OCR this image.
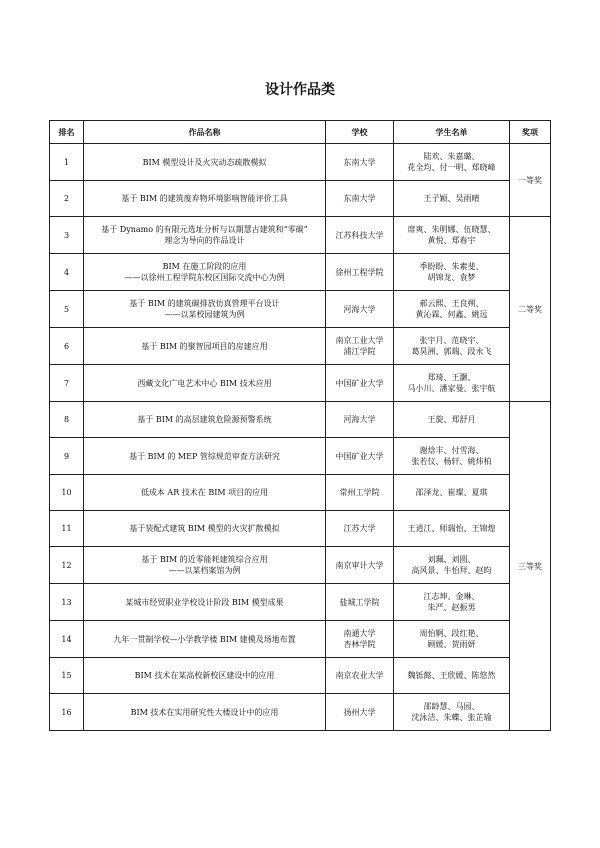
设计作品类
排名	作品名称	学校	学生名单	奖项
1	BIM 模型设计及火灾动态疏散模拟	东南大学	陆欢、朱嘉璐、
花全均、付一明、郑晓峰	一等奖
2	基于 BIM 的建筑废弃物环境影响智能评价工具	东南大学	王子颖、吴雨晴	

3	基于 Dynamo 的有限元选址分析与以期慧古建筑和“零碳”
理念为导向的作品设计	江苏科技大学	席爽、朱明娜、伍晓慧、
黄悦、郑春宇	二等奖
4	BIM 在施工阶段的应用
——以徐州工程学院东校区国际交流中心为例	徐州工程学院	季盼盼、朱素斐、
胡锦龙、袁梦	

5	基于 BIM 的建筑碳排放仿真管理平台设计
——以某校园建筑为例	河海大学	郝云熙、王良朔、
黄沁霖、何鑫、姚远	

6	基于 BIM 的聚智园项目的房建应用	南京工业大学
浦江学院	张宇月、范晓宇、
葛昊洲、郭瑞、段永飞	

7	西藏文化广电艺术中心 BIM 技术应用	中国矿业大学	郑琦、王灏、
马小川、潘家曼、张宇航	

8	基于 BIM 的高层建筑危险源预警系统	河海大学	王旋、郑舒月	三等奖
9	基于 BIM 的 MEP 管综规范审查方法研究	中国矿业大学	谢焓丰、付雪海、
张若仪、杨轩、姚炜柏	

10	低成本 AR 技术在 BIM 项目的应用	常州工学院	邵泽龙、崔璨、夏琪	

11	基于装配式建筑 BIM 模型的火灾扩散模拟	江苏大学	王逍江、师瑞怡、王锦煌	

12	基于 BIM 的近零能耗建筑综合应用
——以某档案馆为例	南京审计大学	刘珮、刘圆、
高风景、牛怡拜、赵昀	

13	某城市经贸职业学校设计阶段 BIM 模型成果	盐城工学院	江志坤、金琳、
朱严、赵振男	

14	九年一贯制学校—小学教学楼 BIM 建模及场地布置	南通大学
杏林学院	周怡婀、段红艳、
顾媛、贺雨妍	

15	BIM 技术在某高校新校区建设中的应用	南京农业大学	魏铄懿、王欣媛、陈悠然	

16	BIM 技术在实用研究性大楼设计中的应用	扬州大学	邵龄慧、马园、
沈泳洁、朱蝶、张芷瑜	
